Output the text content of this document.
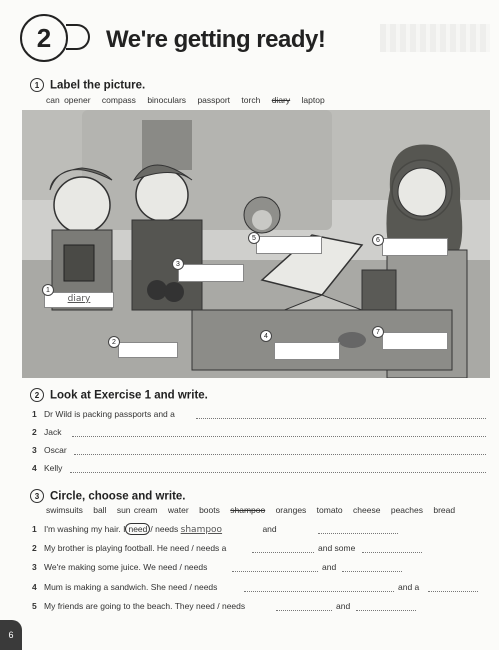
2	We're getting ready!
1 Label the picture.
can opener compass binoculars passport torch diary laptop
diary
1
2
3
4
5	6
7
2 Look at Exercise 1 and write.
1 Dr Wild is packing passports and a
2 Jack
3 Oscar
4 Kelly
3 Circle, choose and write.
swimsuits ball sun cream water boots shampoo oranges tomato cheese peaches bread
1 I'm washing my hair. I need / needs shampoo	and
2 My brother is playing football. He need / needs a	and some
3 We're making some juice. We need / needs	and
4 Mum is making a sandwich. She need / needs	and a
5 My friends are going to the beach. They need / needs	and
6
